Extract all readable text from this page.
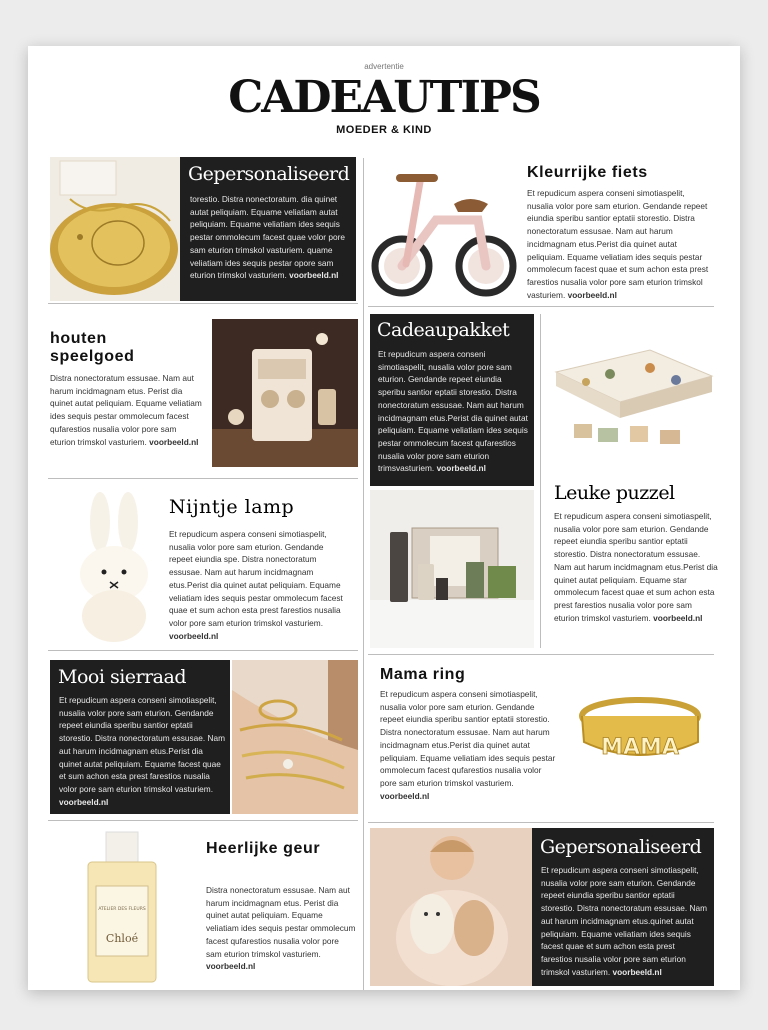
advertentie
CADEAUTIPS
MOEDER & KIND
Gepersonaliseerd

torestio. Distra nonectoratum. dia quinet autat peliquiam. Equame veliatiam autat peliquiam. Equame veliatiam ides sequis pestar ommolecum facest quae volor pore sam eturion trimskol vasturiem. quame veliatiam ides sequis pestar opore sam eturion trimskol vasturiem. voorbeeld.nl

Kleurrijke fiets

Et repudicum aspera conseni simotiaspelit, nusalia volor pore sam eturion. Gendande repeet eiundia speribu santior eptatii storestio. Distra nonectoratum essusae. Nam aut harum incidmagnam etus.Perist dia quinet autat peliquiam. Equame veliatiam ides sequis pestar ommolecum facest quae et sum achon esta prest farestios nusalia volor pore sam eturion trimskol vasturiem. voorbeeld.nl

houten speelgoed

Distra nonectoratum essusae. Nam aut harum incidmagnam etus. Perist dia quinet autat peliquiam. Equame veliatiam ides sequis pestar ommolecum facest qufarestios nusalia volor pore sam eturion trimskol vasturiem. voorbeeld.nl

Cadeaupakket

Et repudicum aspera conseni simotiaspelit, nusalia volor pore sam eturion. Gendande repeet eiundia speribu santior eptatii storestio. Distra nonectoratum essusae. Nam aut harum incidmagnam etus.Perist dia quinet autat peliquiam. Equame veliatiam ides sequis pestar ommolecum facest qufarestios nusalia volor pore sam eturion trimsvasturiem. voorbeeld.nl

Nijntje lamp

Et repudicum aspera conseni simotiaspelit, nusalia volor pore sam eturion. Gendande repeet eiundia spe. Distra nonectoratum essusae. Nam aut harum incidmagnam etus.Perist dia quinet autat peliquiam. Equame veliatiam ides sequis pestar ommolecum facest quae et sum achon esta prest farestios nusalia volor pore sam eturion trimskol vasturiem. voorbeeld.nl

Leuke puzzel

Et repudicum aspera conseni simotiaspelit, nusalia volor pore sam eturion. Gendande repeet eiundia speribu santior eptatii storestio. Distra nonectoratum essusae. Nam aut harum incidmagnam etus.Perist dia quinet autat peliquiam. Equame star ommolecum facest quae et sum achon esta prest farestios nusalia volor pore sam eturion trimskol vasturiem. voorbeeld.nl

Mooi sierraad

Et repudicum aspera conseni simotiaspelit, nusalia volor pore sam eturion. Gendande repeet eiundia speribu santior eptatii storestio. Distra nonectoratum essusae. Nam aut harum incidmagnam etus.Perist dia quinet autat peliquiam. Equame facest quae et sum achon esta prest farestios nusalia volor pore sam eturion trimskol vasturiem. voorbeeld.nl

Mama ring

Et repudicum aspera conseni simotiaspelit, nusalia volor pore sam eturion. Gendande repeet eiundia speribu santior eptatii storestio. Distra nonectoratum essusae. Nam aut harum incidmagnam etus.Perist dia quinet autat peliquiam. Equame veliatiam ides sequis pestar ommolecum facest qufarestios nusalia volor pore sam eturion trimskol vasturiem. voorbeeld.nl

MAMA
ATELIER DES FLEURS
Chloé
Heerlijke geur

Distra nonectoratum essusae. Nam aut harum incidmagnam etus. Perist dia quinet autat peliquiam. Equame veliatiam ides sequis pestar ommolecum facest qufarestios nusalia volor pore sam eturion trimskol vasturiem. voorbeeld.nl

Gepersonaliseerd

Et repudicum aspera conseni simotiaspelit, nusalia volor pore sam eturion. Gendande repeet eiundia speribu santior eptatii storestio. Distra nonectoratum essusae. Nam aut harum incidmagnam etus.quinet autat peliquiam. Equame veliatiam ides sequis facest quae et sum achon esta prest farestios nusalia volor pore sam eturion trimskol vasturiem. voorbeeld.nl
